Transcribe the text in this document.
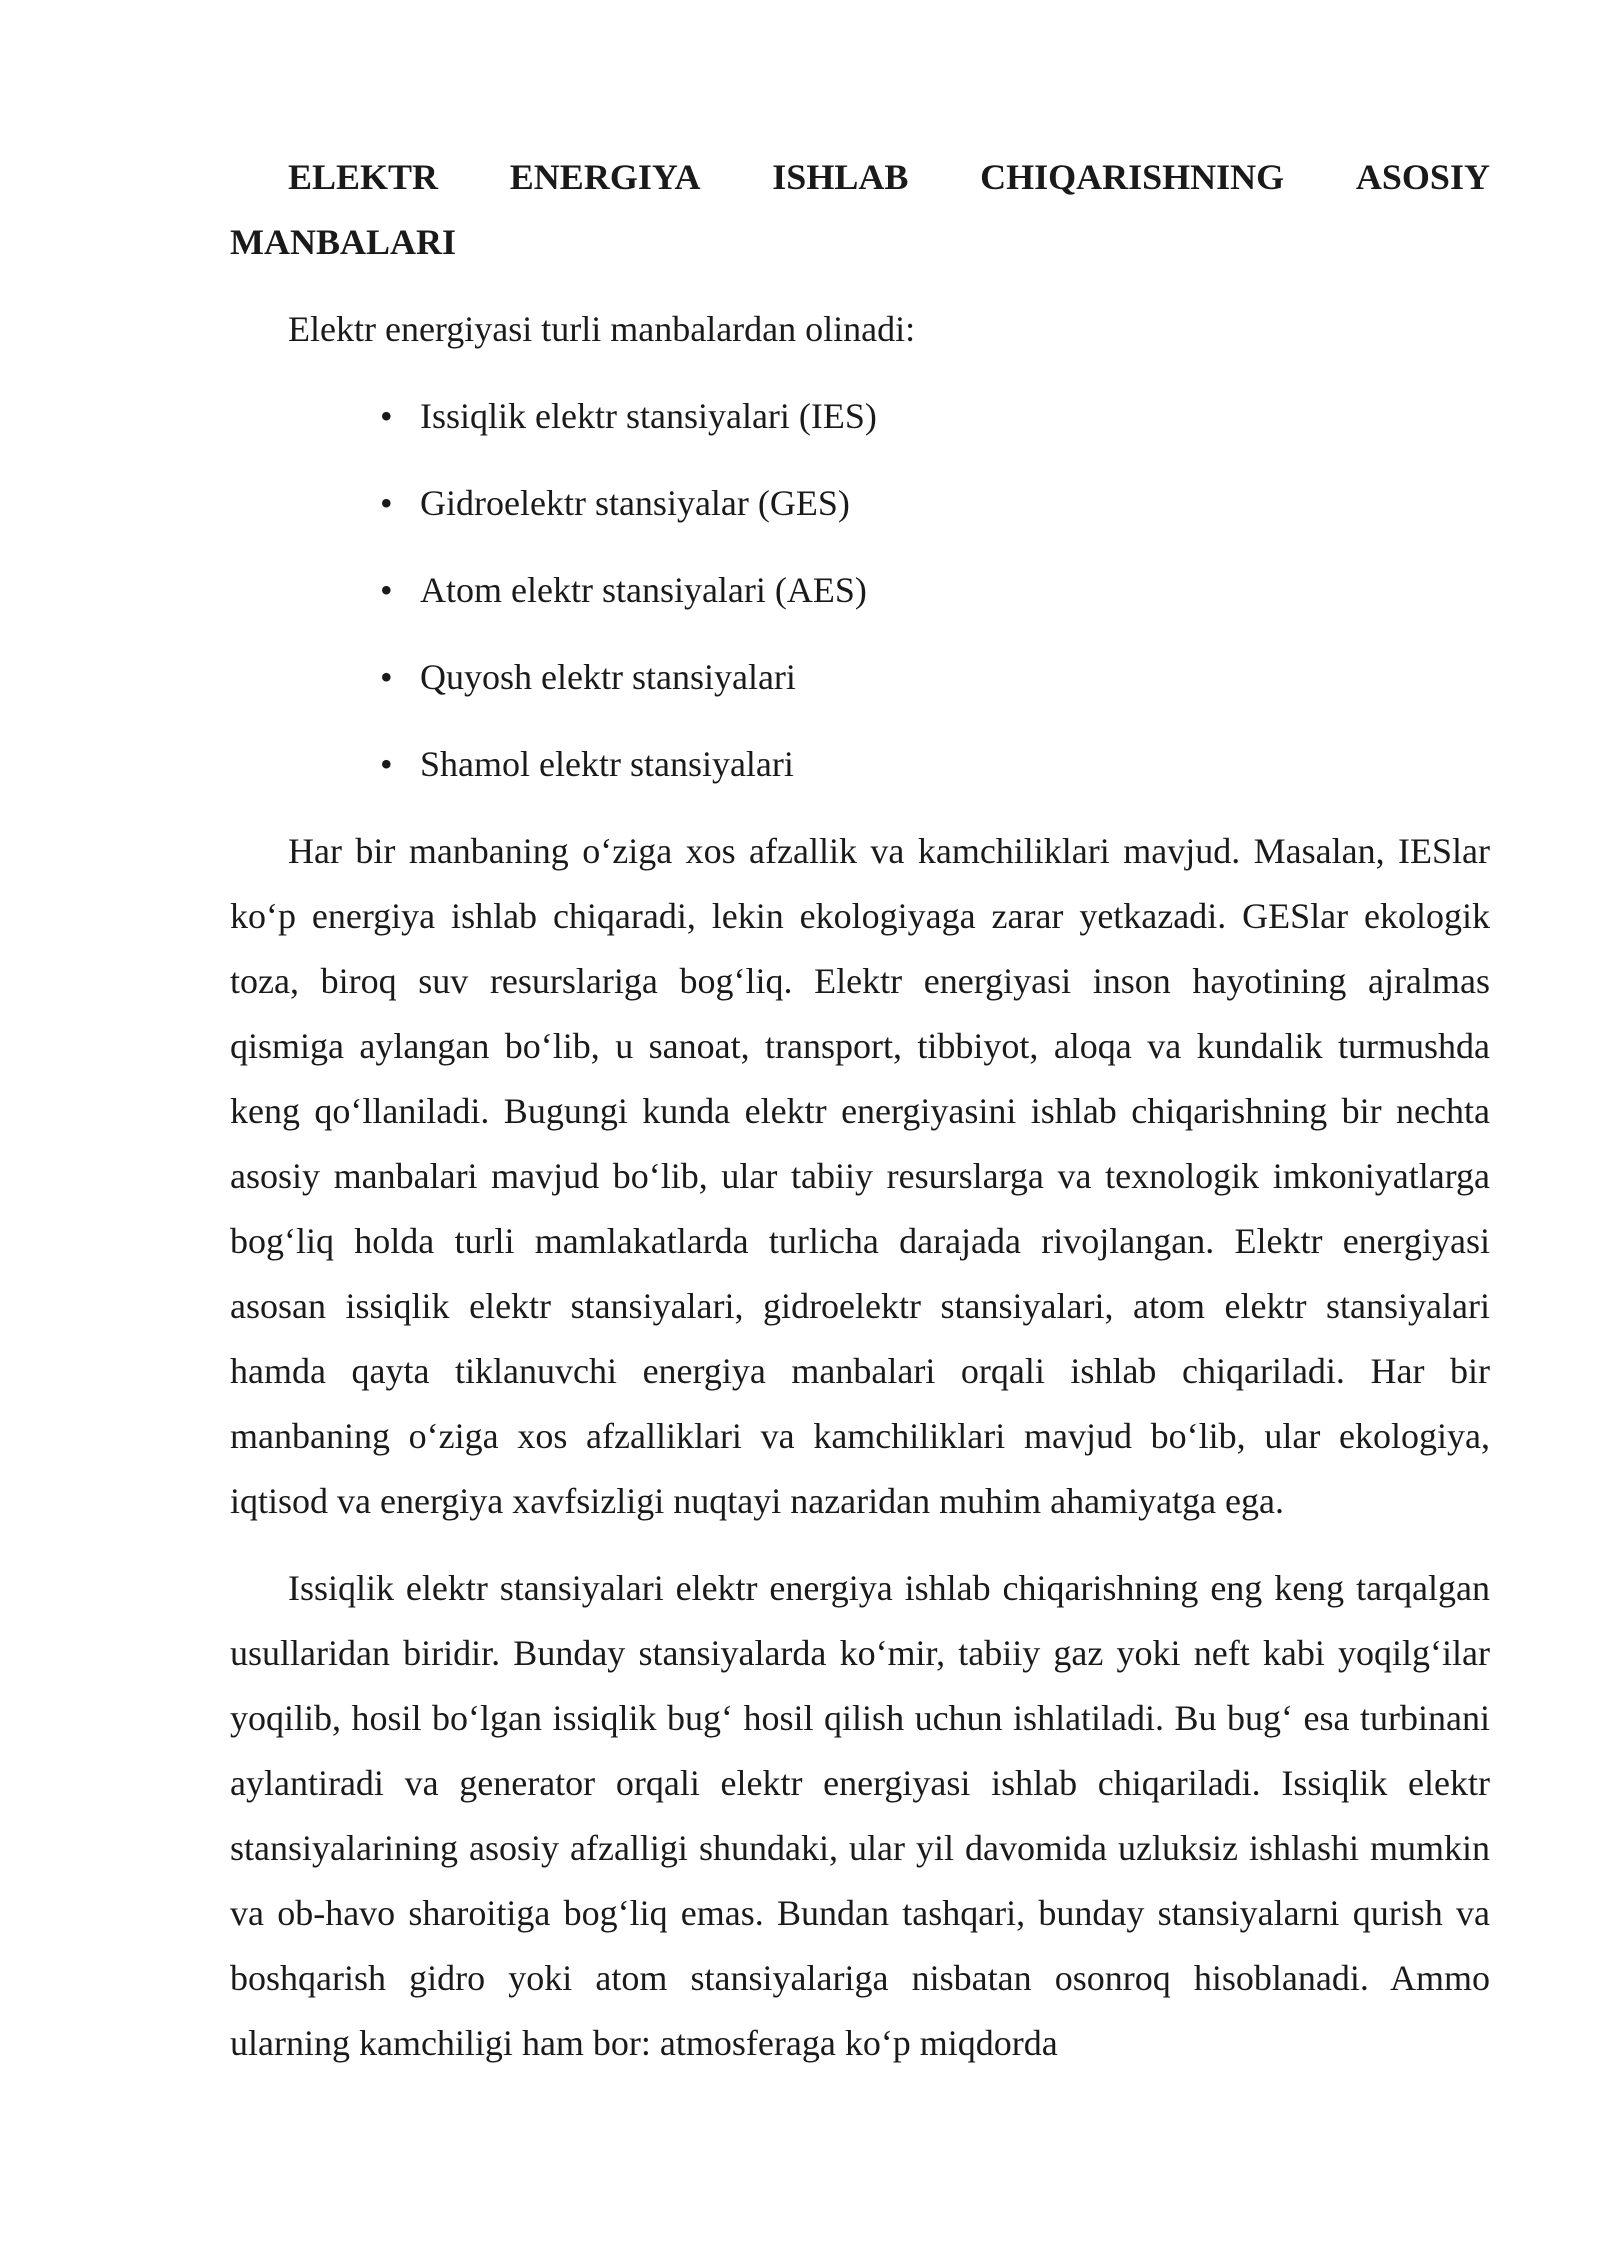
ELEKTR ENERGIYA ISHLAB CHIQARISHNING ASOSIY
MANBALARI

Elektr energiyasi turli manbalardan olinadi:

• Issiqlik elektr stansiyalari (IES)
• Gidroelektr stansiyalar (GES)
• Atom elektr stansiyalari (AES)
• Quyosh elektr stansiyalari
• Shamol elektr stansiyalari

Har bir manbaning o‘ziga xos afzallik va kamchiliklari mavjud. Masalan, IESlar ko‘p energiya ishlab chiqaradi, lekin ekologiyaga zarar yetkazadi. GESlar ekologik toza, biroq suv resurslariga bog‘liq. Elektr energiyasi inson hayotining ajralmas qismiga aylangan bo‘lib, u sanoat, transport, tibbiyot, aloqa va kundalik turmushda keng qo‘llaniladi. Bugungi kunda elektr energiyasini ishlab chiqarishning bir nechta asosiy manbalari mavjud bo‘lib, ular tabiiy resurslarga va texnologik imkoniyatlarga bog‘liq holda turli mamlakatlarda turlicha darajada rivojlangan. Elektr energiyasi asosan issiqlik elektr stansiyalari, gidroelektr stansiyalari, atom elektr stansiyalari hamda qayta tiklanuvchi energiya manbalari orqali ishlab chiqariladi. Har bir manbaning o‘ziga xos afzalliklari va kamchiliklari mavjud bo‘lib, ular ekologiya, iqtisod va energiya xavfsizligi nuqtayi nazaridan muhim ahamiyatga ega.

Issiqlik elektr stansiyalari elektr energiya ishlab chiqarishning eng keng tarqalgan usullaridan biridir. Bunday stansiyalarda ko‘mir, tabiiy gaz yoki neft kabi yoqilg‘ilar yoqilib, hosil bo‘lgan issiqlik bug‘ hosil qilish uchun ishlatiladi. Bu bug‘ esa turbinani aylantiradi va generator orqali elektr energiyasi ishlab chiqariladi. Issiqlik elektr stansiyalarining asosiy afzalligi shundaki, ular yil davomida uzluksiz ishlashi mumkin va ob-havo sharoitiga bog‘liq emas. Bundan tashqari, bunday stansiyalarni qurish va boshqarish gidro yoki atom stansiyalariga nisbatan osonroq hisoblanadi. Ammo ularning kamchiligi ham bor: atmosferaga ko‘p miqdorda
